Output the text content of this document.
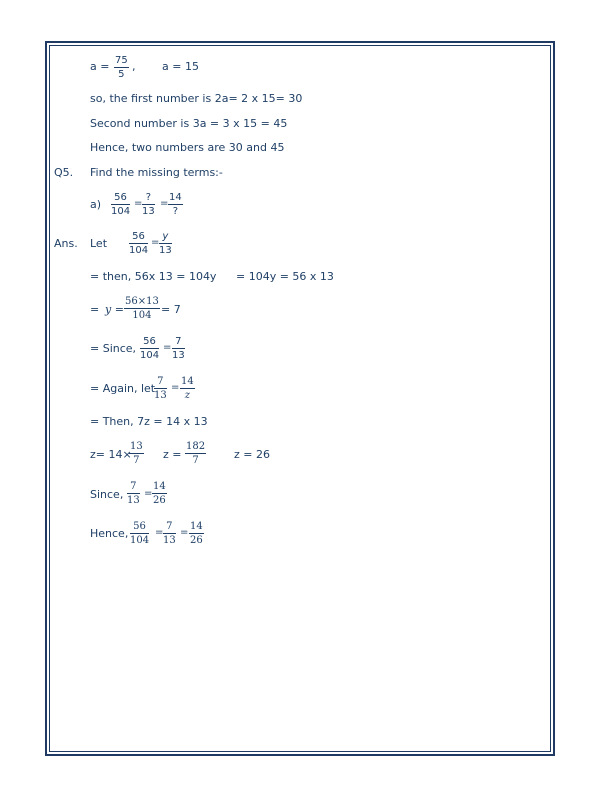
$a = \frac{75}{5}$ , a = 15
so, the first number is 2a= 2 x 15= 30
Second number is 3a = 3 x 15 = 45
Hence, two numbers are 30 and 45
Q5. Find the missing terms:-
$a) \frac{56}{104}$ =
?
13
=
14
?
Ans. Let $\frac{56}{104} = \frac{y}{13}$
= then, 56x 13 = 104y = 104y = 56 x 13
= $y = \frac{56\times 13}{104} = 7$
= Since, $\frac{56}{104} = \frac{7}{13}$
= Again, let
$\frac{7}{13} = \frac{14}{z}$
= Then, 7z = 14 x 13
z= 14×
$\frac{13}{7}$ $z = \frac{182}{7}$	z = 26
Since, $\frac{7}{13} = \frac{14}{26}$
Hence, $\frac{56}{104} = \frac{7}{13} = \frac{14}{26}$
